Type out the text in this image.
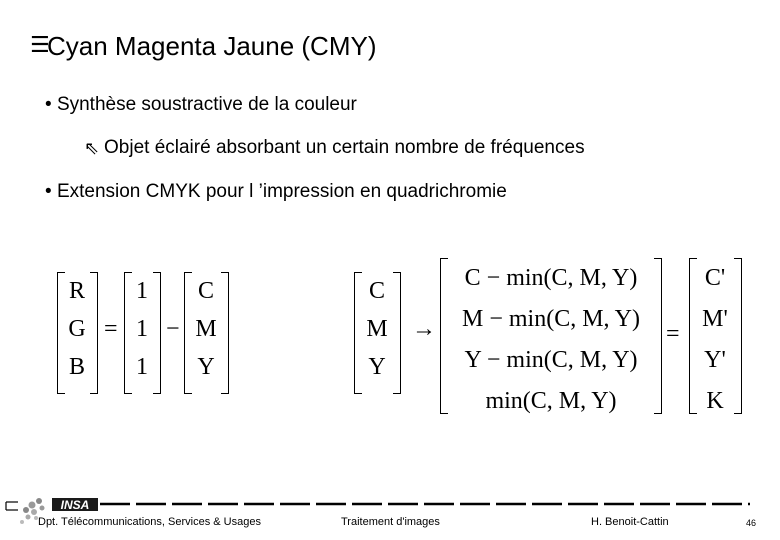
☰
Cyan Magenta Jaune (CMY)
• Synthèse soustractive de la couleur
⇖ Objet éclairé absorbant un certain nombre de fréquences
• Extension CMYK pour l ’impression en quadrichromie
R
G
B
=
1
1
1
−
C
M
Y
C
M
Y
→
C − min(C, M, Y)
M − min(C, M, Y)
Y − min(C, M, Y)
min(C, M, Y)
=
C'
M'
Y'
K
INSA
Dpt. Télécommunications, Services & Usages	Traitement d'images	H. Benoit-Cattin	46
